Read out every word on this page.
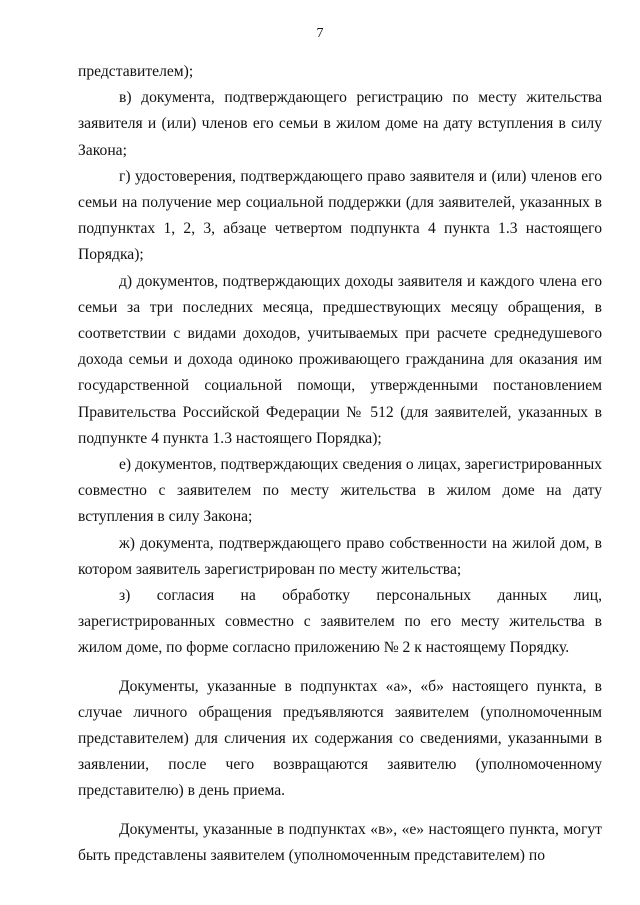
7

представителем);

в) документа, подтверждающего регистрацию по месту жительства заявителя и (или) членов его семьи в жилом доме на дату вступления в силу Закона;

г) удостоверения, подтверждающего право заявителя и (или) членов его семьи на получение мер социальной поддержки (для заявителей, указанных в подпунктах 1, 2, 3, абзаце четвертом подпункта 4 пункта 1.3 настоящего Порядка);

д) документов, подтверждающих доходы заявителя и каждого члена его семьи за три последних месяца, предшествующих месяцу обращения, в соответствии с видами доходов, учитываемых при расчете среднедушевого дохода семьи и дохода одиноко проживающего гражданина для оказания им государственной социальной помощи, утвержденными постановлением Правительства Российской Федерации № 512 (для заявителей, указанных в подпункте 4 пункта 1.3 настоящего Порядка);

е) документов, подтверждающих сведения о лицах, зарегистрированных совместно с заявителем по месту жительства в жилом доме на дату вступления в силу Закона;

ж) документа, подтверждающего право собственности на жилой дом, в котором заявитель зарегистрирован по месту жительства;

з) согласия на обработку персональных данных лиц, зарегистрированных совместно с заявителем по его месту жительства в жилом доме, по форме согласно приложению № 2 к настоящему Порядку.

Документы, указанные в подпунктах «а», «б» настоящего пункта, в случае личного обращения предъявляются заявителем (уполномоченным представителем) для сличения их содержания со сведениями, указанными в заявлении, после чего возвращаются заявителю (уполномоченному представителю) в день приема.

Документы, указанные в подпунктах «в», «е» настоящего пункта, могут быть представлены заявителем (уполномоченным представителем) по
